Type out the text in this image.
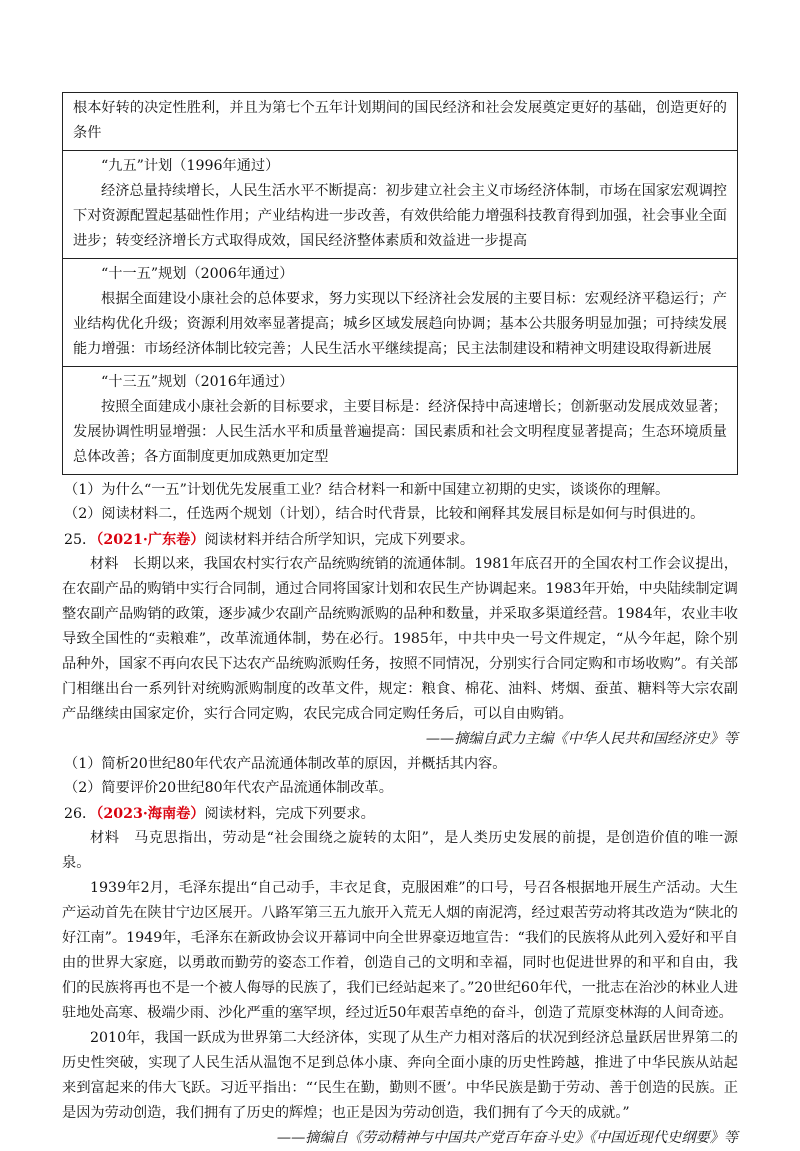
根本好转的决定性胜利，并且为第七个五年计划期间的国民经济和社会发展奠定更好的基础，创造更好的条件
“九五”计划（1996年通过）
经济总量持续增长，人民生活水平不断提高：初步建立社会主义市场经济体制，市场在国家宏观调控下对资源配置起基础性作用；产业结构进一步改善，有效供给能力增强科技教育得到加强，社会事业全面进步；转变经济增长方式取得成效，国民经济整体素质和效益进一步提高
“十一五”规划（2006年通过）
根据全面建设小康社会的总体要求，努力实现以下经济社会发展的主要目标：宏观经济平稳运行；产业结构优化升级；资源利用效率显著提高；城乡区域发展趋向协调；基本公共服务明显加强；可持续发展能力增强：市场经济体制比较完善；人民生活水平继续提高；民主法制建设和精神文明建设取得新进展
“十三五”规划（2016年通过）
按照全面建成小康社会新的目标要求，主要目标是：经济保持中高速增长；创新驱动发展成效显著；发展协调性明显增强：人民生活水平和质量普遍提高：国民素质和社会文明程度显著提高；生态环境质量总体改善；各方面制度更加成熟更加定型

（1）为什么“一五”计划优先发展重工业？结合材料一和新中国建立初期的史实，谈谈你的理解。

（2）阅读材料二，任选两个规划（计划），结合时代背景，比较和阐释其发展目标是如何与时俱进的。

25．（2021·广东卷）阅读材料并结合所学知识，完成下列要求。

材料　长期以来，我国农村实行农产品统购统销的流通体制。1981年底召开的全国农村工作会议提出，在农副产品的购销中实行合同制，通过合同将国家计划和农民生产协调起来。1983年开始，中央陆续制定调整农副产品购销的政策，逐步减少农副产品统购派购的品种和数量，并采取多渠道经营。1984年，农业丰收导致全国性的“卖粮难”，改革流通体制，势在必行。1985年，中共中央一号文件规定，“从今年起，除个别品种外，国家不再向农民下达农产品统购派购任务，按照不同情况，分别实行合同定购和市场收购”。有关部门相继出台一系列针对统购派购制度的改革文件，规定：粮食、棉花、油料、烤烟、蚕茧、糖料等大宗农副产品继续由国家定价，实行合同定购，农民完成合同定购任务后，可以自由购销。

——摘编自武力主编《中华人民共和国经济史》等

（1）简析20世纪80年代农产品流通体制改革的原因，并概括其内容。

（2）简要评价20世纪80年代农产品流通体制改革。

26．（2023·海南卷）阅读材料，完成下列要求。

材料　马克思指出，劳动是“社会围绕之旋转的太阳”，是人类历史发展的前提，是创造价值的唯一源泉。

1939年2月，毛泽东提出“自己动手，丰衣足食，克服困难”的口号，号召各根据地开展生产活动。大生产运动首先在陕甘宁边区展开。八路军第三五九旅开入荒无人烟的南泥湾，经过艰苦劳动将其改造为“陕北的好江南”。1949年，毛泽东在新政协会议开幕词中向全世界豪迈地宣告：“我们的民族将从此列入爱好和平自由的世界大家庭，以勇敢而勤劳的姿态工作着，创造自己的文明和幸福，同时也促进世界的和平和自由，我们的民族将再也不是一个被人侮辱的民族了，我们已经站起来了。”20世纪60年代，一批志在治沙的林业人进驻地处高寒、极端少雨、沙化严重的塞罕坝，经过近50年艰苦卓绝的奋斗，创造了荒原变林海的人间奇迹。

2010年，我国一跃成为世界第二大经济体，实现了从生产力相对落后的状况到经济总量跃居世界第二的历史性突破，实现了人民生活从温饱不足到总体小康、奔向全面小康的历史性跨越，推进了中华民族从站起来到富起来的伟大飞跃。习近平指出：“‘民生在勤，勤则不匮’。中华民族是勤于劳动、善于创造的民族。正是因为劳动创造，我们拥有了历史的辉煌；也正是因为劳动创造，我们拥有了今天的成就。”

——摘编自《劳动精神与中国共产党百年奋斗史》《中国近现代史纲要》等
